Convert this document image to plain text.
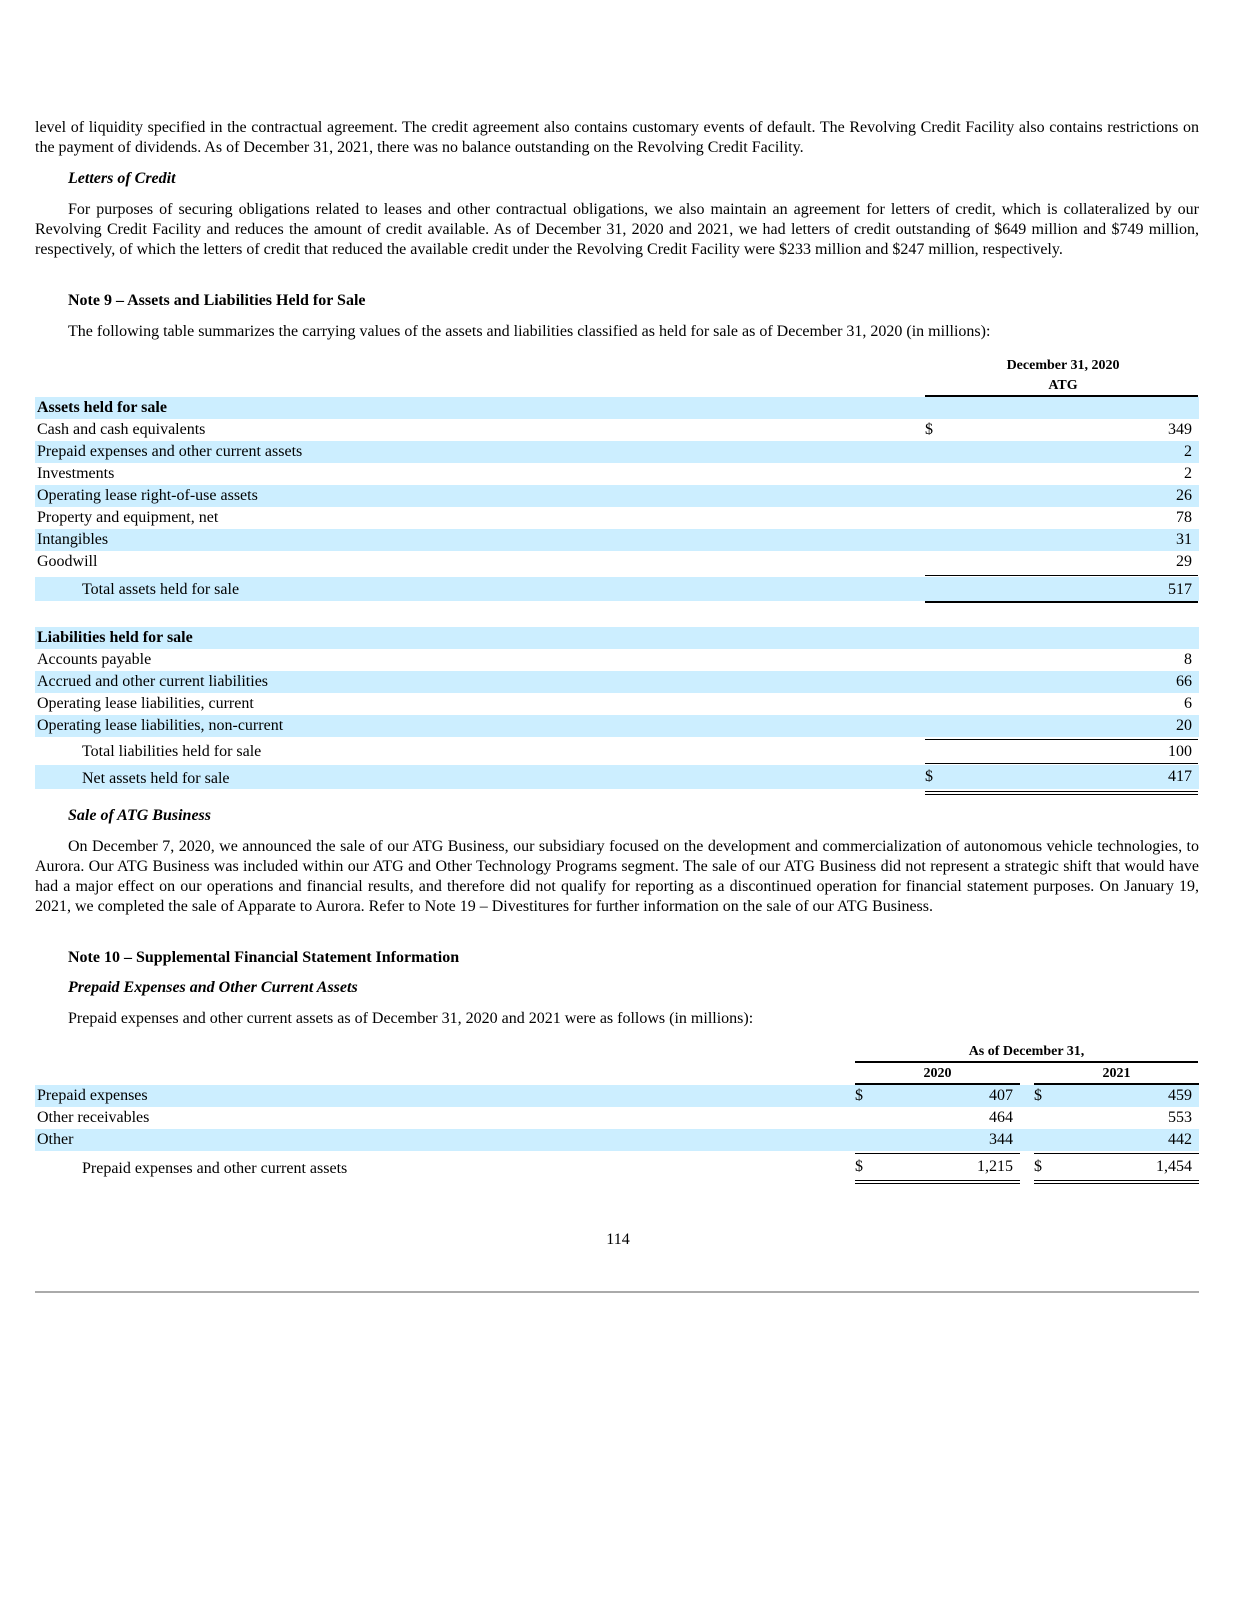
level of liquidity specified in the contractual agreement. The credit agreement also contains customary events of default. The Revolving Credit Facility also contains restrictions on the payment of dividends. As of December 31, 2021, there was no balance outstanding on the Revolving Credit Facility.

Letters of Credit

For purposes of securing obligations related to leases and other contractual obligations, we also maintain an agreement for letters of credit, which is collateralized by our Revolving Credit Facility and reduces the amount of credit available. As of December 31, 2020 and 2021, we had letters of credit outstanding of $649 million and $749 million, respectively, of which the letters of credit that reduced the available credit under the Revolving Credit Facility were $233 million and $247 million, respectively.

Note 9 – Assets and Liabilities Held for Sale

The following table summarizes the carrying values of the assets and liabilities classified as held for sale as of December 31, 2020 (in millions):

December 31, 2020
ATG
Assets held for sale
Cash and cash equivalents	$	349
Prepaid expenses and other current assets	2
Investments	2
Operating lease right-of-use assets	26
Property and equipment, net	78
Intangibles	31
Goodwill	29
Total assets held for sale	517
Liabilities held for sale
Accounts payable	8
Accrued and other current liabilities	66
Operating lease liabilities, current	6
Operating lease liabilities, non-current	20
Total liabilities held for sale	100
Net assets held for sale	$	417

Sale of ATG Business

On December 7, 2020, we announced the sale of our ATG Business, our subsidiary focused on the development and commercialization of autonomous vehicle technologies, to Aurora. Our ATG Business was included within our ATG and Other Technology Programs segment. The sale of our ATG Business did not represent a strategic shift that would have had a major effect on our operations and financial results, and therefore did not qualify for reporting as a discontinued operation for financial statement purposes. On January 19, 2021, we completed the sale of Apparate to Aurora. Refer to Note 19 – Divestitures for further information on the sale of our ATG Business.

Note 10 – Supplemental Financial Statement Information

Prepaid Expenses and Other Current Assets

Prepaid expenses and other current assets as of December 31, 2020 and 2021 were as follows (in millions):

As of December 31,
2020	2021
Prepaid expenses	$	407 $	459
Other receivables	464	553
Other	344	442
Prepaid expenses and other current assets	$	1,215 $	1,454
114
